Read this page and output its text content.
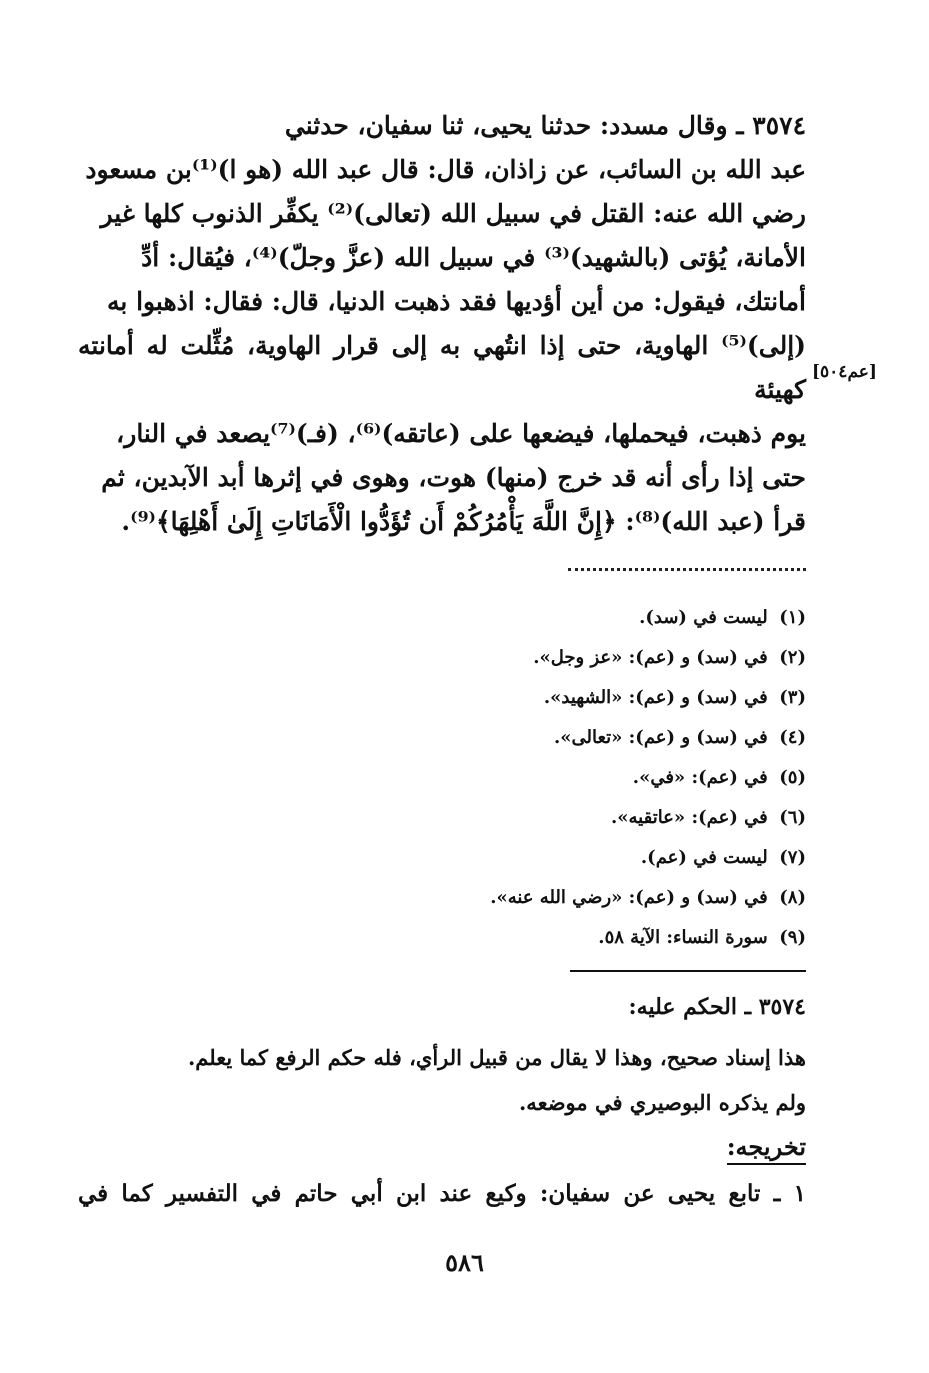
٣٥٧٤ ـ وقال مسدد: حدثنا يحيى، ثنا سفيان، حدثني

عبد الله بن السائب، عن زاذان، قال: قال عبد الله (هو ا)⁽¹⁾بن مسعود

رضي الله عنه: القتل في سبيل الله (تعالى)⁽²⁾ يكفِّر الذنوب كلها غير

الأمانة، يُؤتى (بالشهيد)⁽³⁾ في سبيل الله (عزَّ وجلّ)⁽⁴⁾، فيُقال: أدِّ

أمانتك، فيقول: من أين أؤديها فقد ذهبت الدنيا، قال: فقال: اذهبوا به

(إلى)⁽⁵⁾ الهاوية، حتى إذا انتُهي به إلى قرار الهاوية، مُثِّلت له أمانته كهيئة

يوم ذهبت، فيحملها، فيضعها على (عاتقه)⁽⁶⁾، (فـ)⁽⁷⁾يصعد في النار،

حتى إذا رأى أنه قد خرج (منها) هوت، وهوى في إثرها أبد الآبدين، ثم

قرأ (عبد الله)⁽⁸⁾: ﴿إِنَّ اللَّهَ يَأْمُرُكُمْ أَن تُؤَدُّوا الْأَمَانَاتِ إِلَىٰ أَهْلِهَا﴾⁽⁹⁾.

[عم٥٠٤]
(١) ليست في (سد).
(٢) في (سد) و (عم): «عز وجل».
(٣) في (سد) و (عم): «الشهيد».
(٤) في (سد) و (عم): «تعالى».
(٥) في (عم): «في».
(٦) في (عم): «عاتقيه».
(٧) ليست في (عم).
(٨) في (سد) و (عم): «رضي الله عنه».
(٩) سورة النساء: الآية ٥٨.
٣٥٧٤ ـ الحكم عليه:
هذا إسناد صحيح، وهذا لا يقال من قبيل الرأي، فله حكم الرفع كما يعلم.
ولم يذكره البوصيري في موضعه.
تخريجه:
١ ـ تابع يحيى عن سفيان: وكيع عند ابن أبي حاتم في التفسير كما في
٥٨٦
